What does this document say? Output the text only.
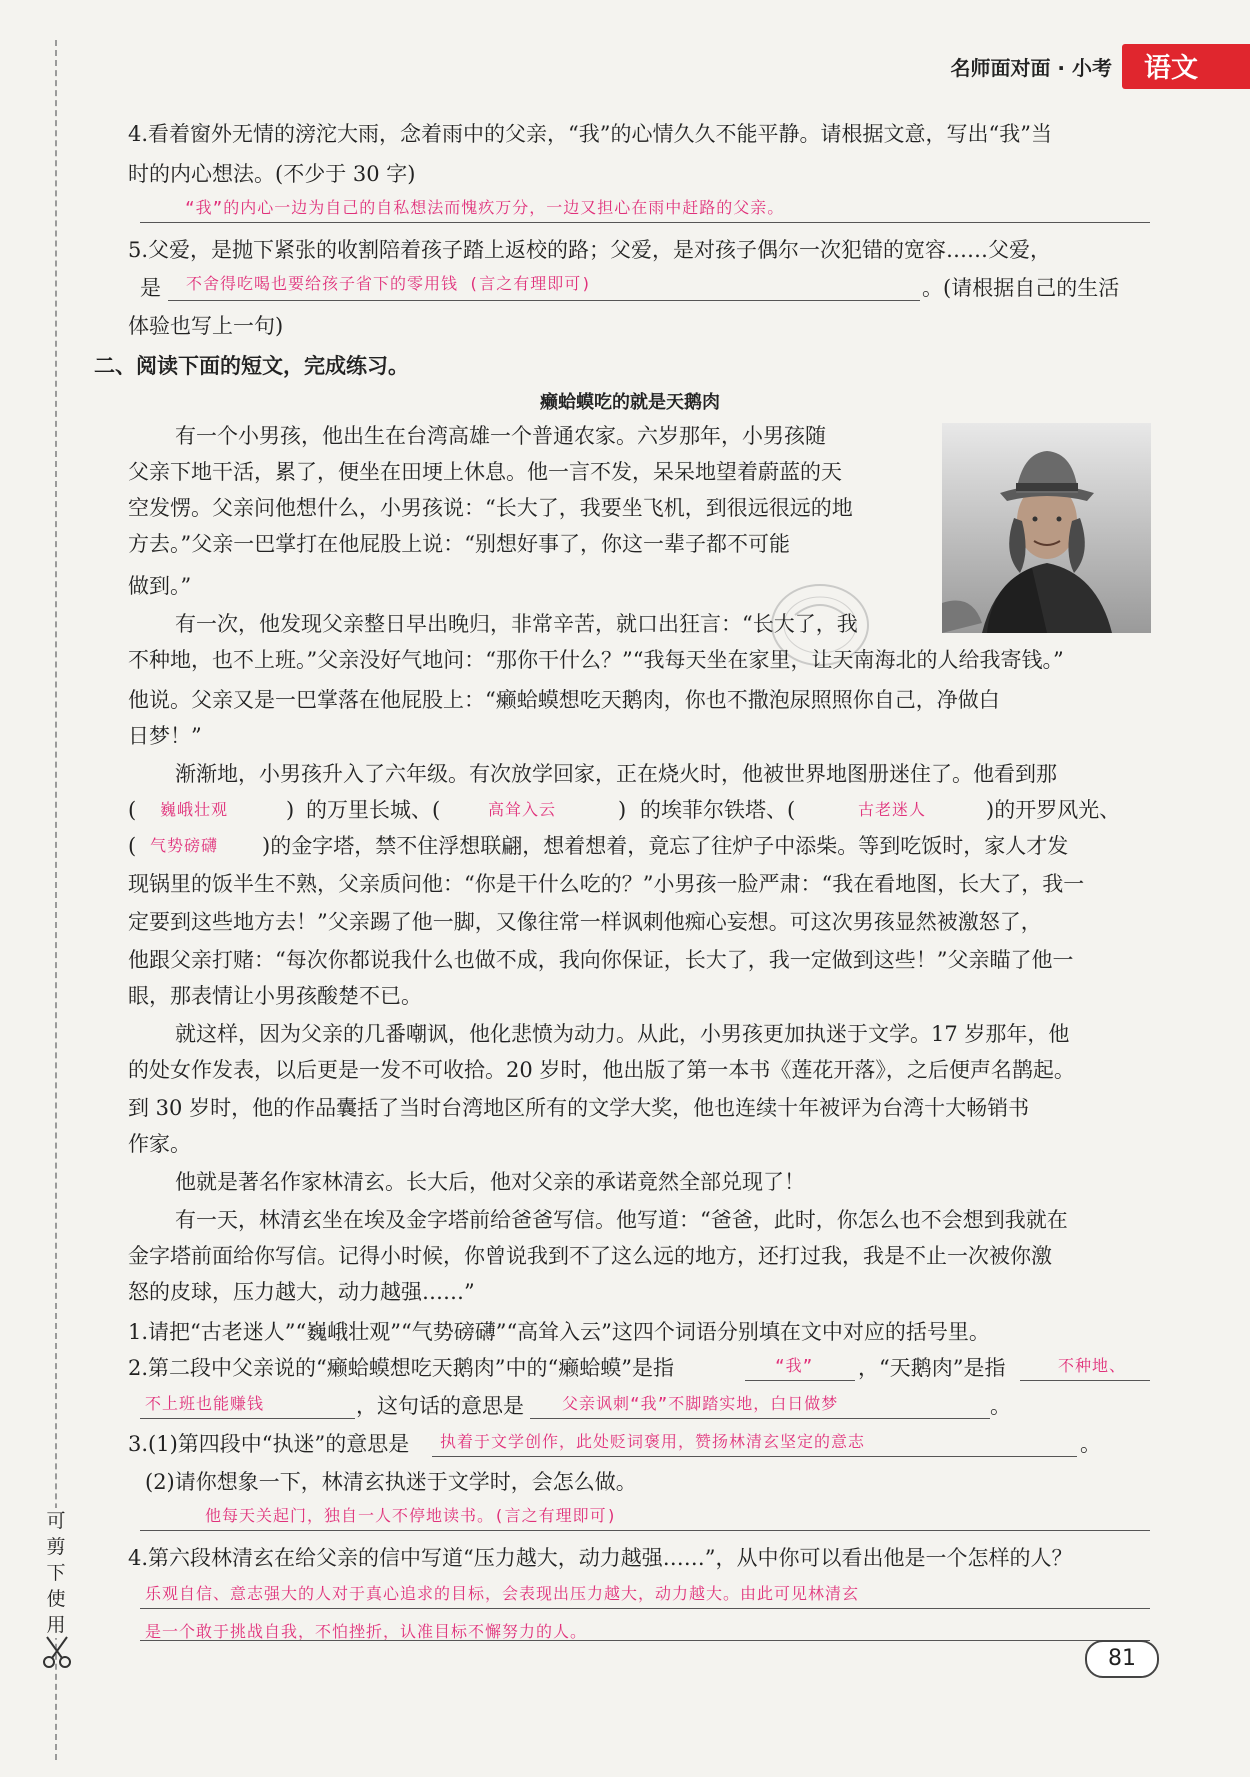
可
剪
下
使
用
名师面对面 · 小考	语文
4.看着窗外无情的滂沱大雨，念着雨中的父亲，“我”的心情久久不能平静。请根据文意，写出“我”当
时的内心想法。(不少于 30 字)
“我”的内心一边为自己的自私想法而愧疚万分，一边又担心在雨中赶路的父亲。
5.父爱，是抛下紧张的收割陪着孩子踏上返校的路；父爱，是对孩子偶尔一次犯错的宽容……父爱，
是 不舍得吃喝也要给孩子省下的零用钱 (言之有理即可)	。(请根据自己的生活
体验也写上一句)
二、阅读下面的短文，完成练习。
癞蛤蟆吃的就是天鹅肉
有一个小男孩，他出生在台湾高雄一个普通农家。六岁那年，小男孩随
父亲下地干活，累了，便坐在田埂上休息。他一言不发，呆呆地望着蔚蓝的天
空发愣。父亲问他想什么，小男孩说：“长大了，我要坐飞机，到很远很远的地
方去。”父亲一巴掌打在他屁股上说：“别想好事了，你这一辈子都不可能
做到。”
有一次，他发现父亲整日早出晚归，非常辛苦，就口出狂言：“长大了，我
不种地，也不上班。”父亲没好气地问：“那你干什么？”“我每天坐在家里，让天南海北的人给我寄钱。”
他说。父亲又是一巴掌落在他屁股上：“癞蛤蟆想吃天鹅肉，你也不撒泡尿照照你自己，净做白
日梦！”
渐渐地，小男孩升入了六年级。有次放学回家，正在烧火时，他被世界地图册迷住了。他看到那
( 巍峨壮观	) 的万里长城、(	高耸入云	) 的埃菲尔铁塔、(	古老迷人	)的开罗风光、
( 气势磅礴 )的金字塔，禁不住浮想联翩，想着想着，竟忘了往炉子中添柴。等到吃饭时，家人才发
现锅里的饭半生不熟，父亲质问他：“你是干什么吃的？”小男孩一脸严肃：“我在看地图，长大了，我一
定要到这些地方去！”父亲踢了他一脚，又像往常一样讽刺他痴心妄想。可这次男孩显然被激怒了，
他跟父亲打赌：“每次你都说我什么也做不成，我向你保证，长大了，我一定做到这些！”父亲瞄了他一
眼，那表情让小男孩酸楚不已。
就这样，因为父亲的几番嘲讽，他化悲愤为动力。从此，小男孩更加执迷于文学。17 岁那年，他
的处女作发表，以后更是一发不可收拾。20 岁时，他出版了第一本书《莲花开落》，之后便声名鹊起。
到 30 岁时，他的作品囊括了当时台湾地区所有的文学大奖，他也连续十年被评为台湾十大畅销书
作家。
他就是著名作家林清玄。长大后，他对父亲的承诺竟然全部兑现了！
有一天，林清玄坐在埃及金字塔前给爸爸写信。他写道：“爸爸，此时，你怎么也不会想到我就在
金字塔前面给你写信。记得小时候，你曾说我到不了这么远的地方，还打过我，我是不止一次被你激
怒的皮球，压力越大，动力越强……”
1.请把“古老迷人”“巍峨壮观”“气势磅礴”“高耸入云”这四个词语分别填在文中对应的括号里。
2.第二段中父亲说的“癞蛤蟆想吃天鹅肉”中的“癞蛤蟆”是指	“我” ，“天鹅肉”是指	不种地、
不上班也能赚钱	，这句话的意思是 父亲讽刺“我”不脚踏实地，白日做梦	。
3.(1)第四段中“执迷”的意思是 执着于文学创作，此处贬词褒用，赞扬林清玄坚定的意志	。
(2)请你想象一下，林清玄执迷于文学时，会怎么做。
他每天关起门，独自一人不停地读书。(言之有理即可)
4.第六段林清玄在给父亲的信中写道“压力越大，动力越强……”，从中你可以看出他是一个怎样的人？
乐观自信、意志强大的人对于真心追求的目标，会表现出压力越大，动力越大。由此可见林清玄
是一个敢于挑战自我，不怕挫折，认准目标不懈努力的人。
81
